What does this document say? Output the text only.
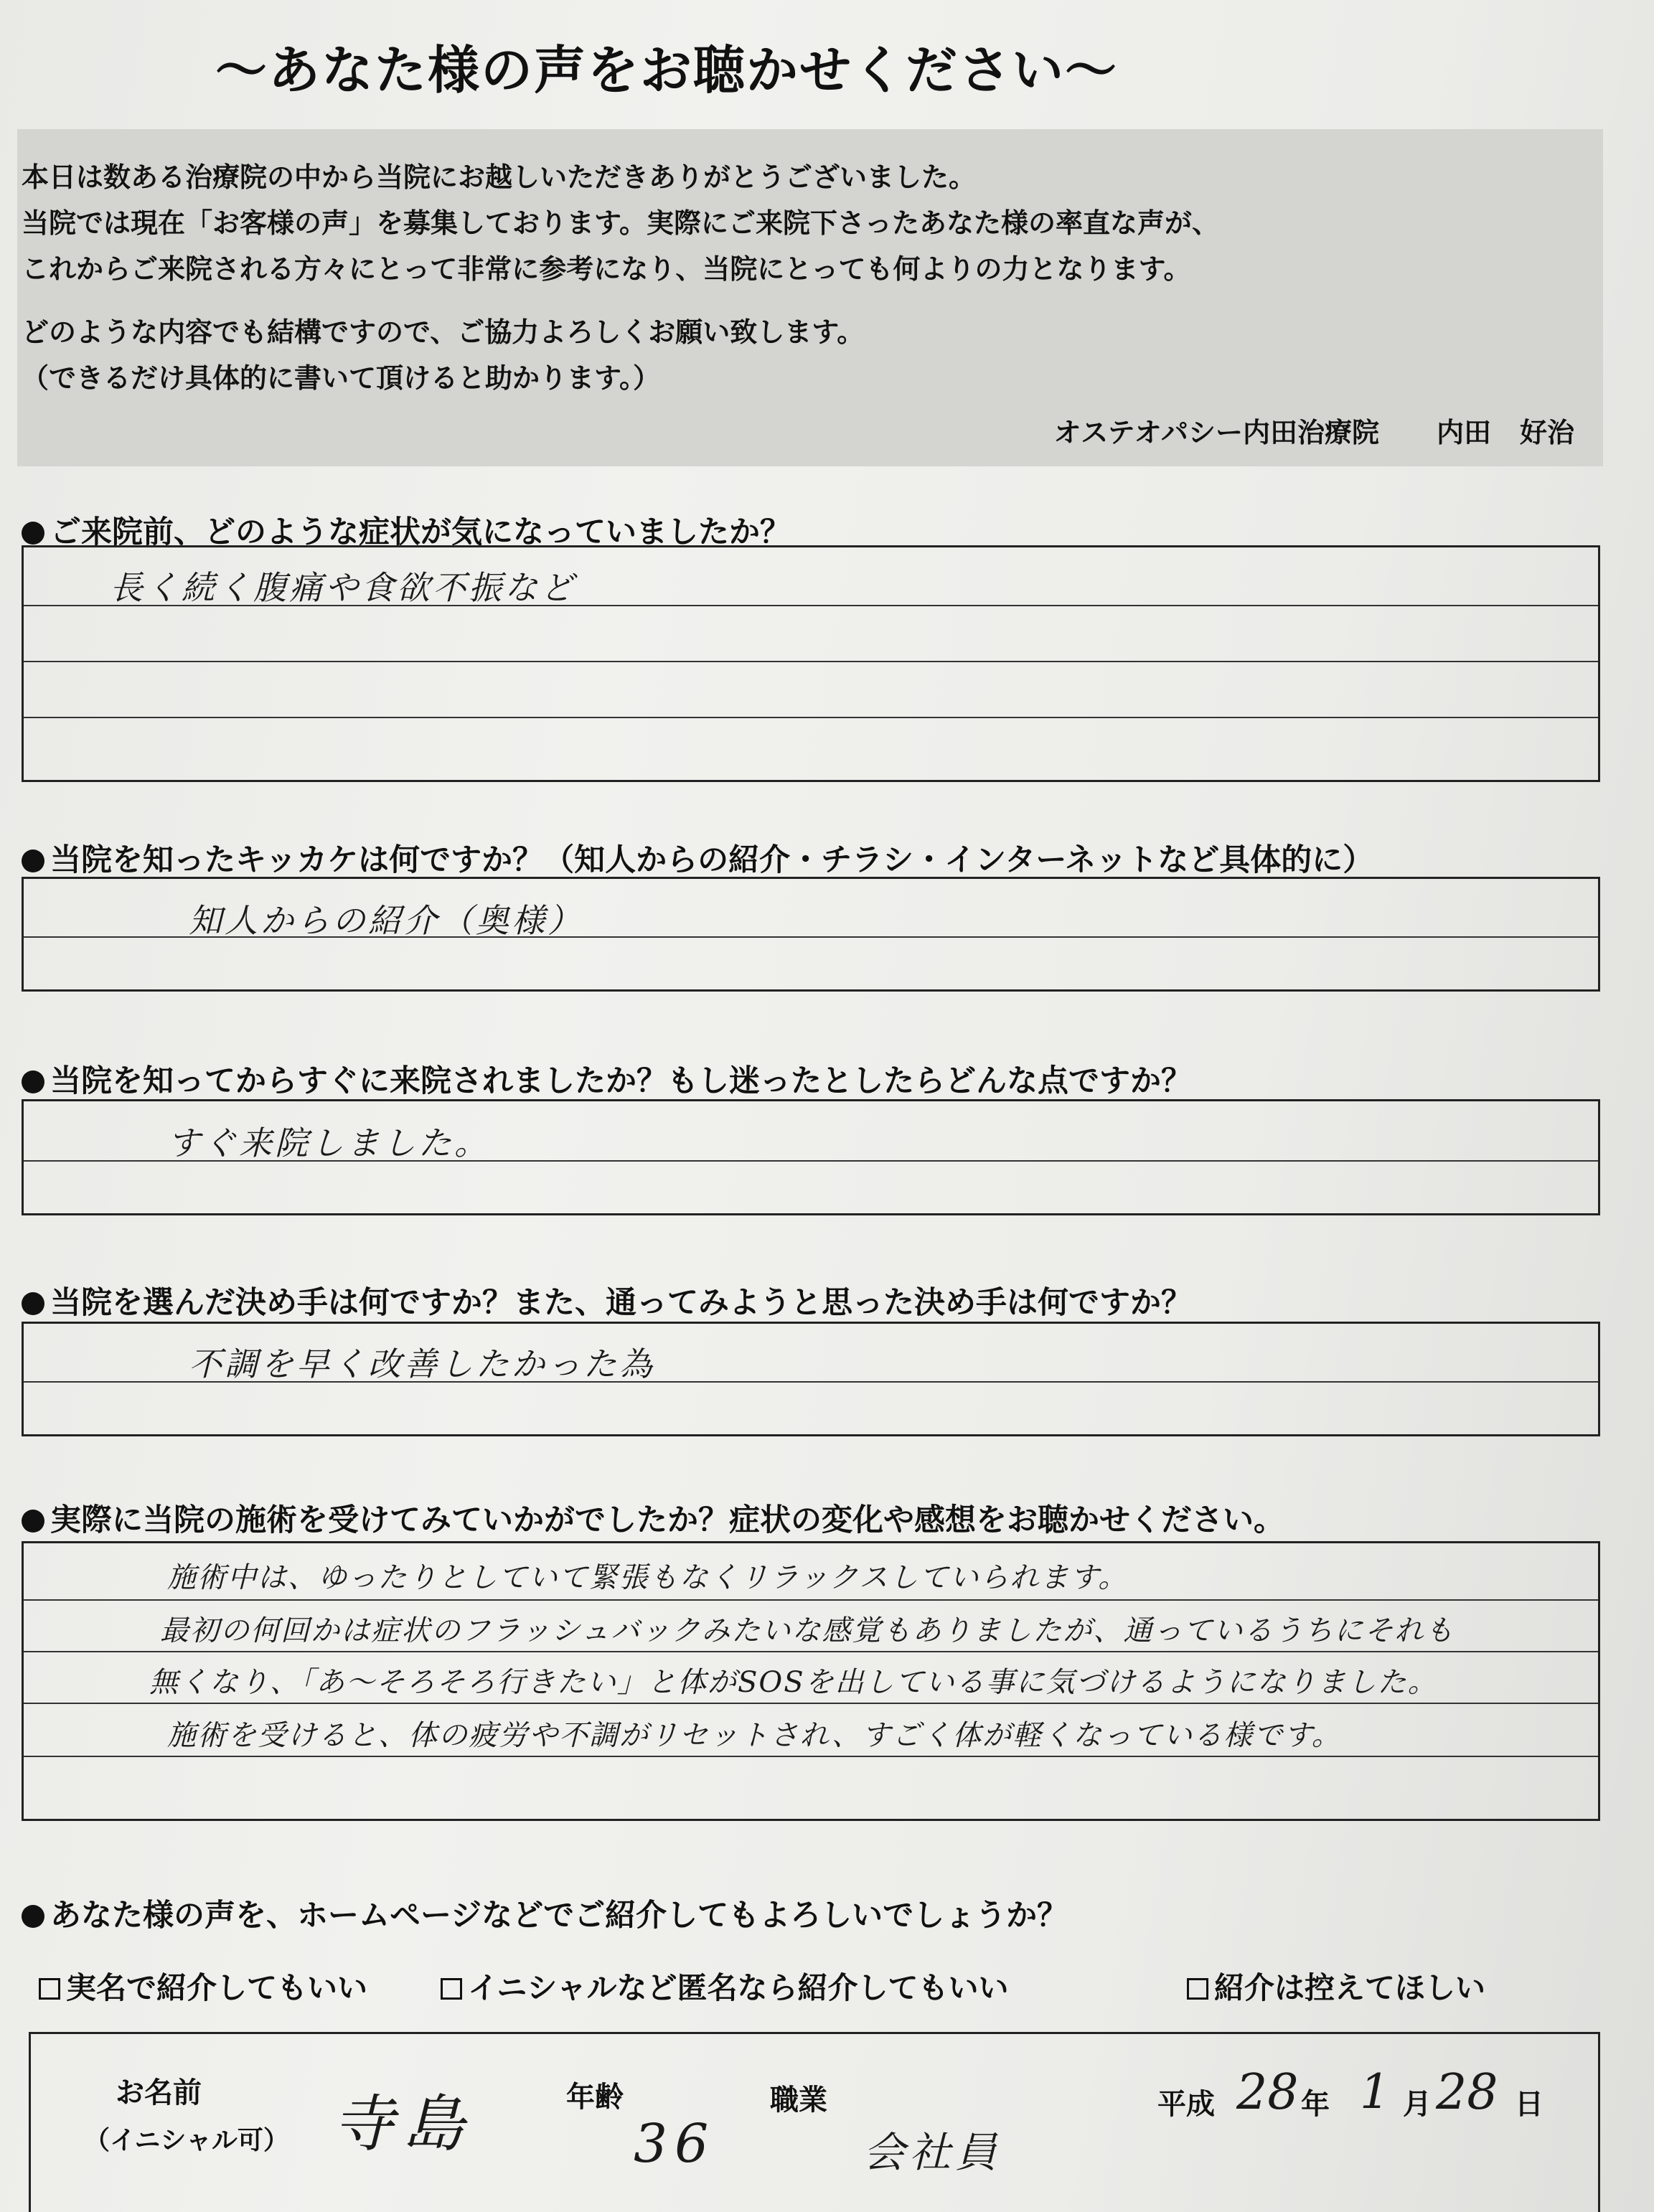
～あなた様の声をお聴かせください～
本日は数ある治療院の中から当院にお越しいただきありがとうございました。
当院では現在「お客様の声」を募集しております。実際にご来院下さったあなた様の率直な声が、
これからご来院される方々にとって非常に参考になり、当院にとっても何よりの力となります。
どのような内容でも結構ですので、ご協力よろしくお願い致します。
（できるだけ具体的に書いて頂けると助かります。）
オステオパシー内田治療院 内田 好治
ご来院前、どのような症状が気になっていましたか？
長く続く腹痛や食欲不振など
当院を知ったキッカケは何ですか？（知人からの紹介・チラシ・インターネットなど具体的に）
知人からの紹介（奥様）
当院を知ってからすぐに来院されましたか？もし迷ったとしたらどんな点ですか？
すぐ来院しました。
当院を選んだ決め手は何ですか？また、通ってみようと思った決め手は何ですか？
不調を早く改善したかった為
実際に当院の施術を受けてみていかがでしたか？症状の変化や感想をお聴かせください。
施術中は、ゆったりとしていて緊張もなくリラックスしていられます。
最初の何回かは症状のフラッシュバックみたいな感覚もありましたが、通っているうちにそれも
無くなり、「あ～そろそろ行きたい」と体がSOSを出している事に気づけるようになりました。
施術を受けると、体の疲労や不調がリセットされ、すごく体が軽くなっている様です。
あなた様の声を、ホームページなどでご紹介してもよろしいでしょうか？
実名で紹介してもいい	イニシャルなど匿名なら紹介してもいい	紹介は控えてほしい
お名前
（イニシャル可） 寺島	年齢
36
職業
会社員
平成 28 年 1 月 28 日
